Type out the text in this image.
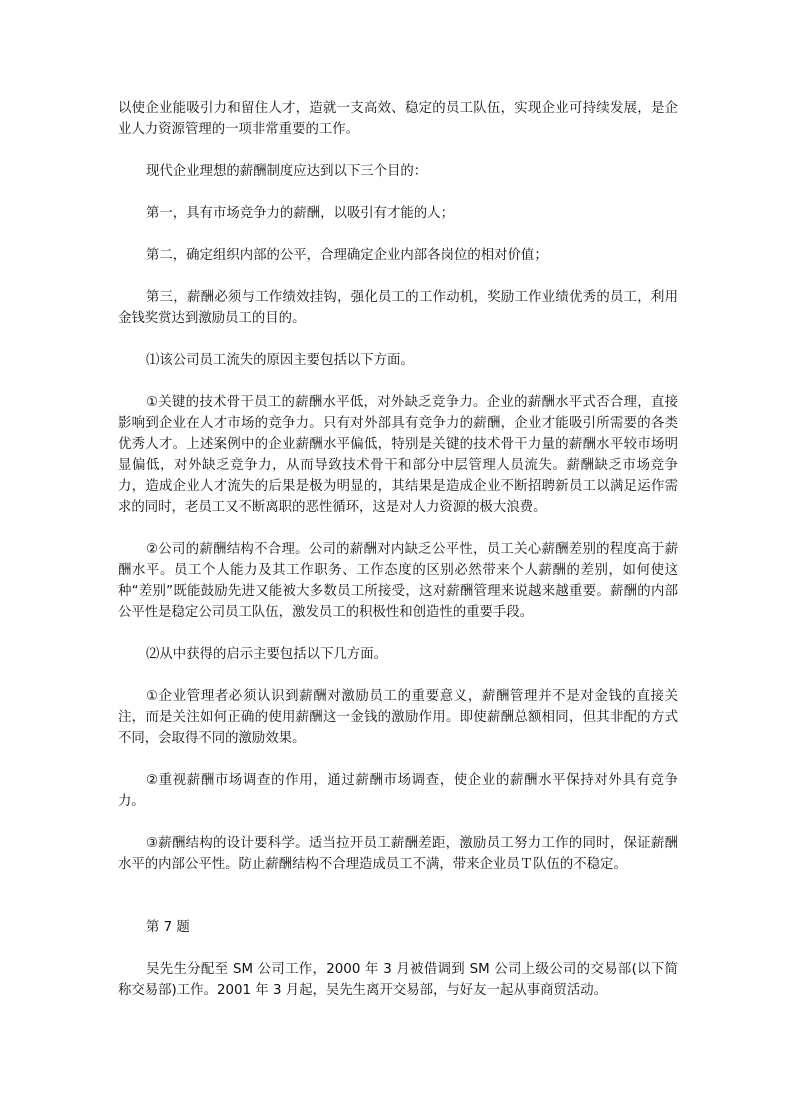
以使企业能吸引力和留住人才，造就一支高效、稳定的员工队伍，实现企业可持续发展，是企业人力资源管理的一项非常重要的工作。

现代企业理想的薪酬制度应达到以下三个目的：

第一，具有市场竞争力的薪酬，以吸引有才能的人；

第二，确定组织内部的公平，合理确定企业内部各岗位的相对价值；

第三，薪酬必须与工作绩效挂钩，强化员工的工作动机，奖励工作业绩优秀的员工，利用金钱奖赏达到激励员工的目的。

⑴该公司员工流失的原因主要包括以下方面。

①关键的技术骨干员工的薪酬水平低，对外缺乏竞争力。企业的薪酬水平式否合理，直接影响到企业在人才市场的竞争力。只有对外部具有竞争力的薪酬，企业才能吸引所需要的各类优秀人才。上述案例中的企业薪酬水平偏低，特别是关键的技术骨干力量的薪酬水平较市场明显偏低，对外缺乏竞争力，从而导致技术骨干和部分中层管理人员流失。薪酬缺乏市场竞争力，造成企业人才流失的后果是极为明显的，其结果是造成企业不断招聘新员工以满足运作需求的同时，老员工又不断离职的恶性循环，这是对人力资源的极大浪费。

②公司的薪酬结构不合理。公司的薪酬对内缺乏公平性，员工关心薪酬差别的程度高于薪酬水平。员工个人能力及其工作职务、工作态度的区别必然带来个人薪酬的差别，如何使这种“差别”既能鼓励先进又能被大多数员工所接受，这对薪酬管理来说越来越重要。薪酬的内部公平性是稳定公司员工队伍，激发员工的积极性和创造性的重要手段。

⑵从中获得的启示主要包括以下几方面。

①企业管理者必须认识到薪酬对激励员工的重要意义，薪酬管理并不是对金钱的直接关注，而是关注如何正确的使用薪酬这一金钱的激励作用。即使薪酬总额相同，但其非配的方式不同，会取得不同的激励效果。

②重视薪酬市场调查的作用，通过薪酬市场调查，使企业的薪酬水平保持对外具有竞争力。

③薪酬结构的设计要科学。适当拉开员工薪酬差距，激励员工努力工作的同时，保证薪酬水平的内部公平性。防止薪酬结构不合理造成员工不满，带来企业员Ｔ队伍的不稳定。

第 7 题

吴先生分配至 SM 公司工作，2000 年 3 月被借调到 SM 公司上级公司的交易部(以下简称交易部)工作。2001 年 3 月起，吴先生离开交易部，与好友一起从事商贸活动。
